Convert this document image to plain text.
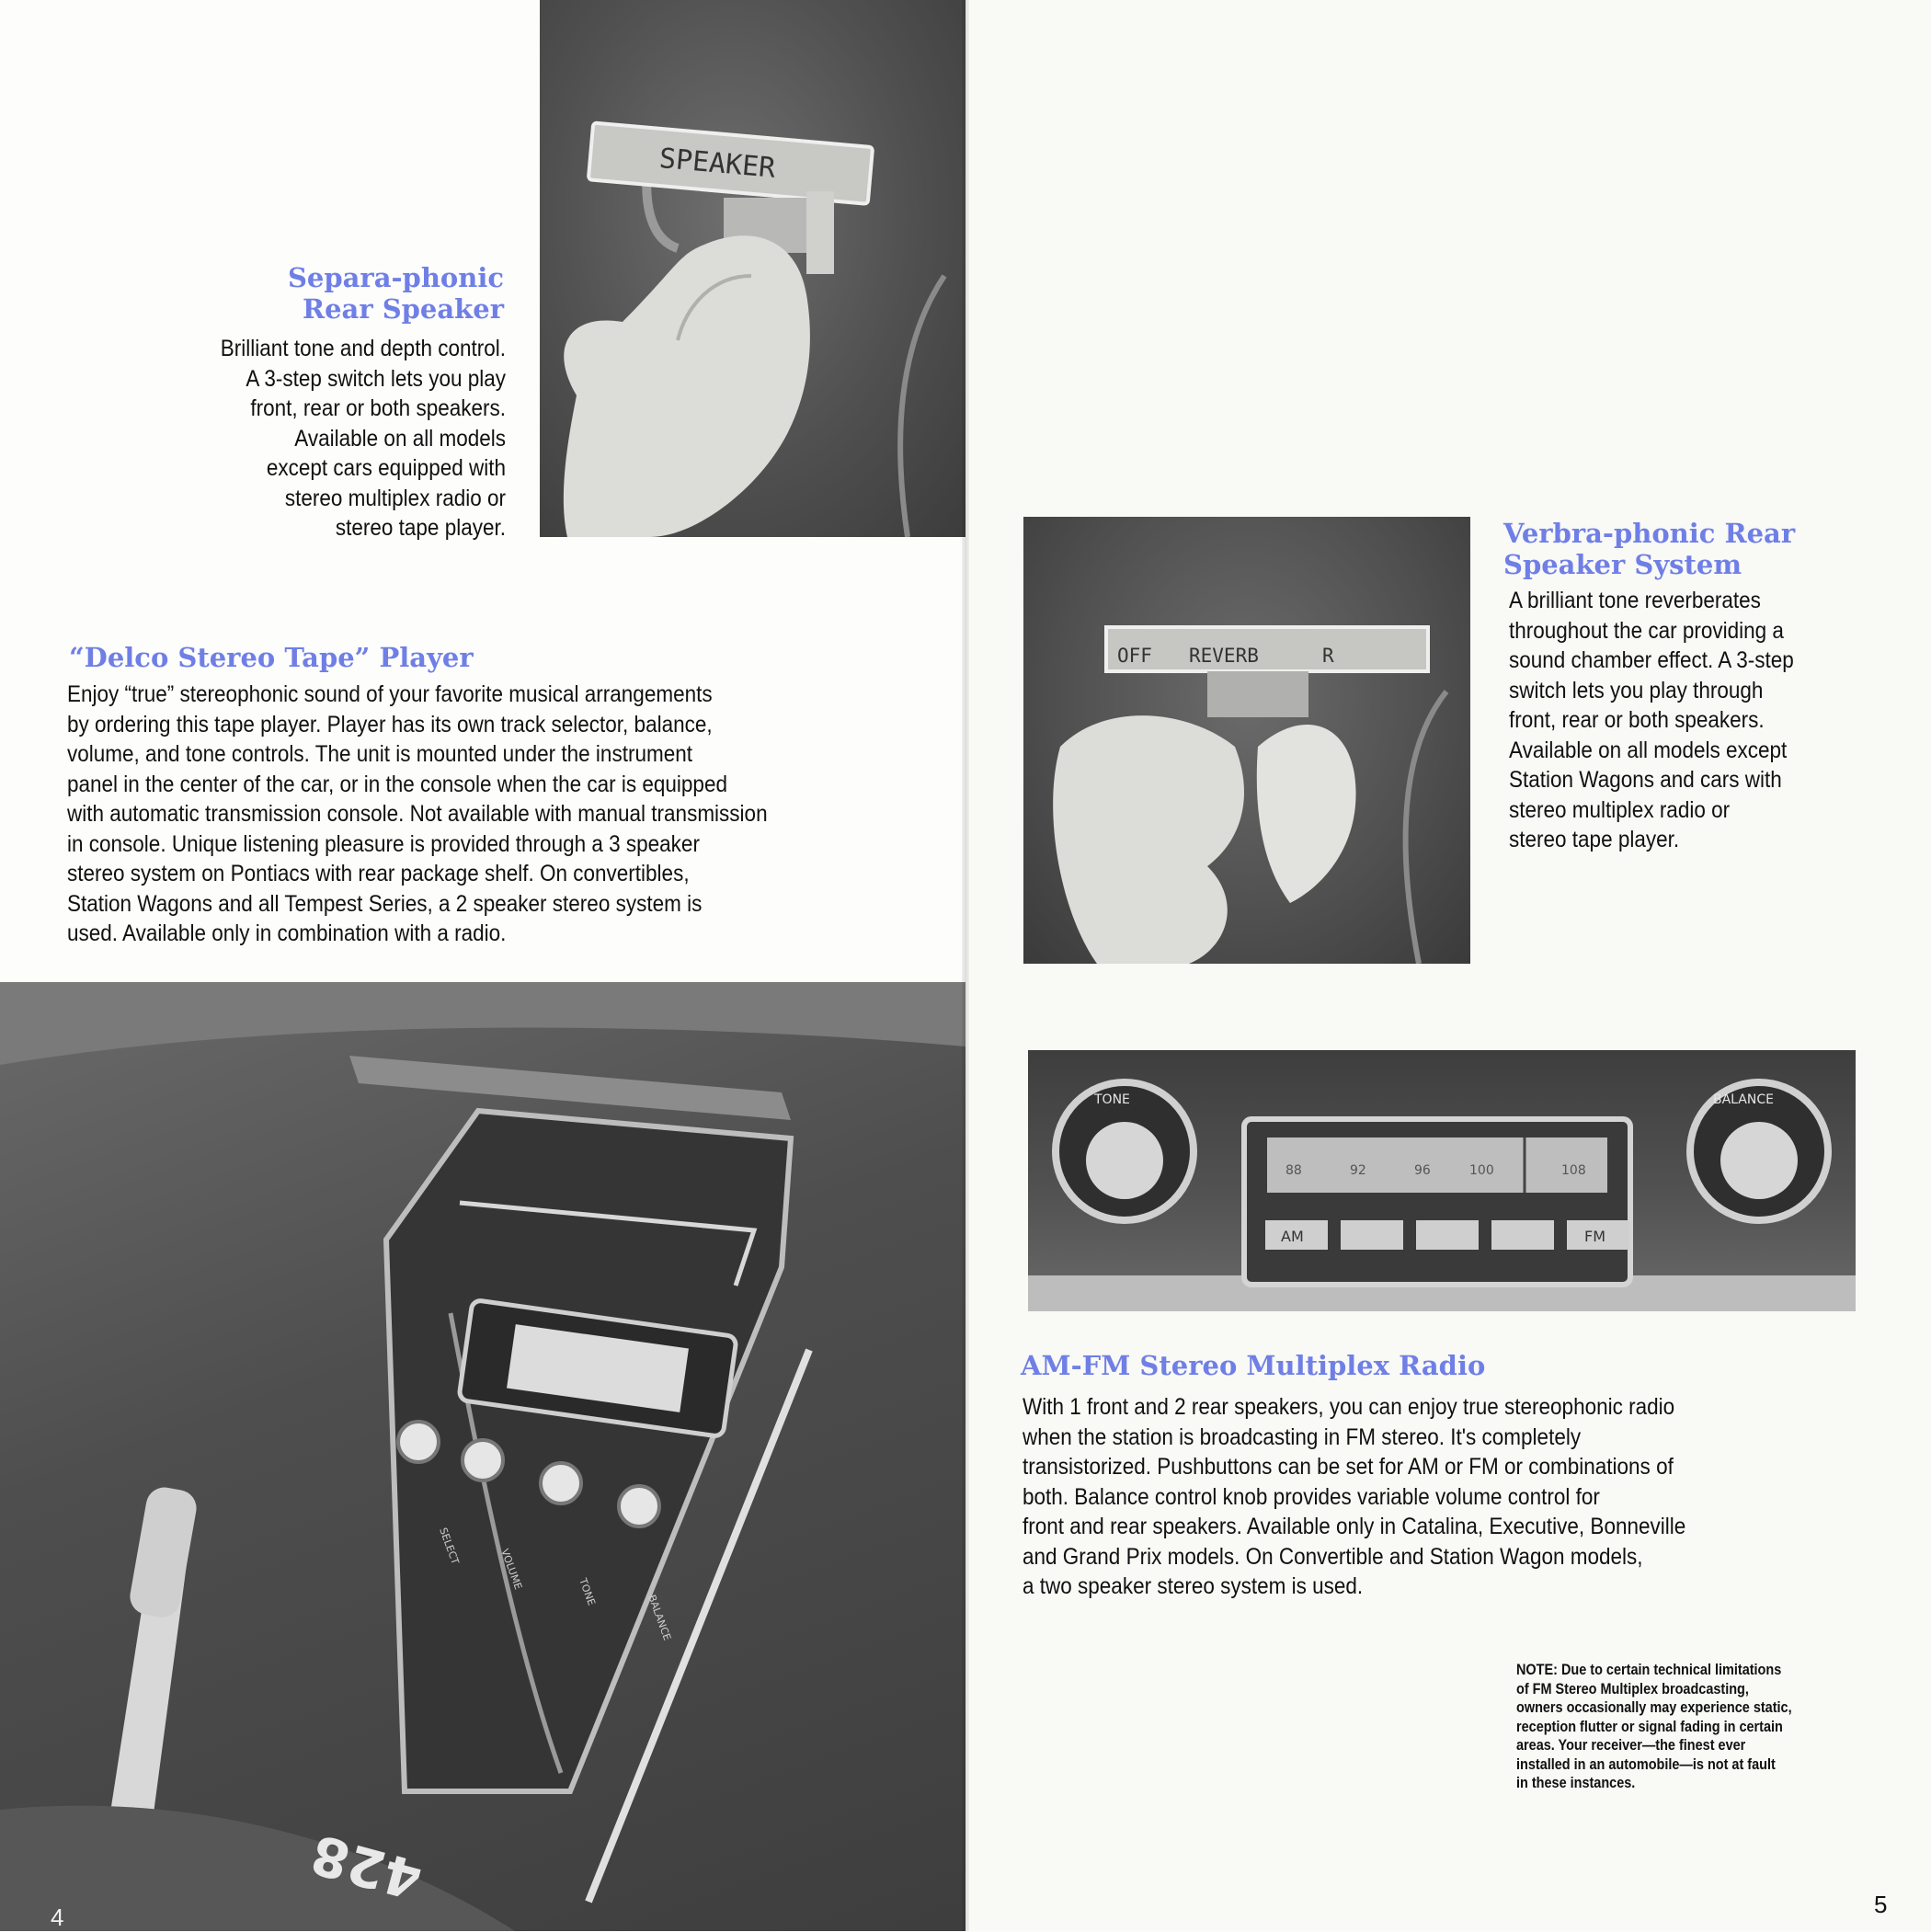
SPEAKER
Separa-phonic
Rear Speaker
Brilliant tone and depth control.
A 3-step switch lets you play
front, rear or both speakers.
Available on all models
except cars equipped with
stereo multiplex radio or
stereo tape player.
“Delco Stereo Tape” Player
Enjoy “true” stereophonic sound of your favorite musical arrangements
by ordering this tape player. Player has its own track selector, balance,
volume, and tone controls. The unit is mounted under the instrument
panel in the center of the car, or in the console when the car is equipped
with automatic transmission console. Not available with manual transmission
in console. Unique listening pleasure is provided through a 3 speaker
stereo system on Pontiacs with rear package shelf. On convertibles,
Station Wagons and all Tempest Series, a 2 speaker stereo system is
used. Available only in combination with a radio.
SELECT
VOLUME
TONE
BALANCE
428
4
OFF REVERB	R
Verbra-phonic Rear
Speaker System
A brilliant tone reverberates
throughout the car providing a
sound chamber effect. A 3-step
switch lets you play through
front, rear or both speakers.
Available on all models except
Station Wagons and cars with
stereo multiplex radio or
stereo tape player.
TONE	BALANCE
88	92	96	100	108
AM	FM
AM-FM Stereo Multiplex Radio
With 1 front and 2 rear speakers, you can enjoy true stereophonic radio
when the station is broadcasting in FM stereo. It's completely
transistorized. Pushbuttons can be set for AM or FM or combinations of
both. Balance control knob provides variable volume control for
front and rear speakers. Available only in Catalina, Executive, Bonneville
and Grand Prix models. On Convertible and Station Wagon models,
a two speaker stereo system is used.
NOTE: Due to certain technical limitations
of FM Stereo Multiplex broadcasting,
owners occasionally may experience static,
reception flutter or signal fading in certain
areas. Your receiver—the finest ever
installed in an automobile—is not at fault
in these instances.
5
